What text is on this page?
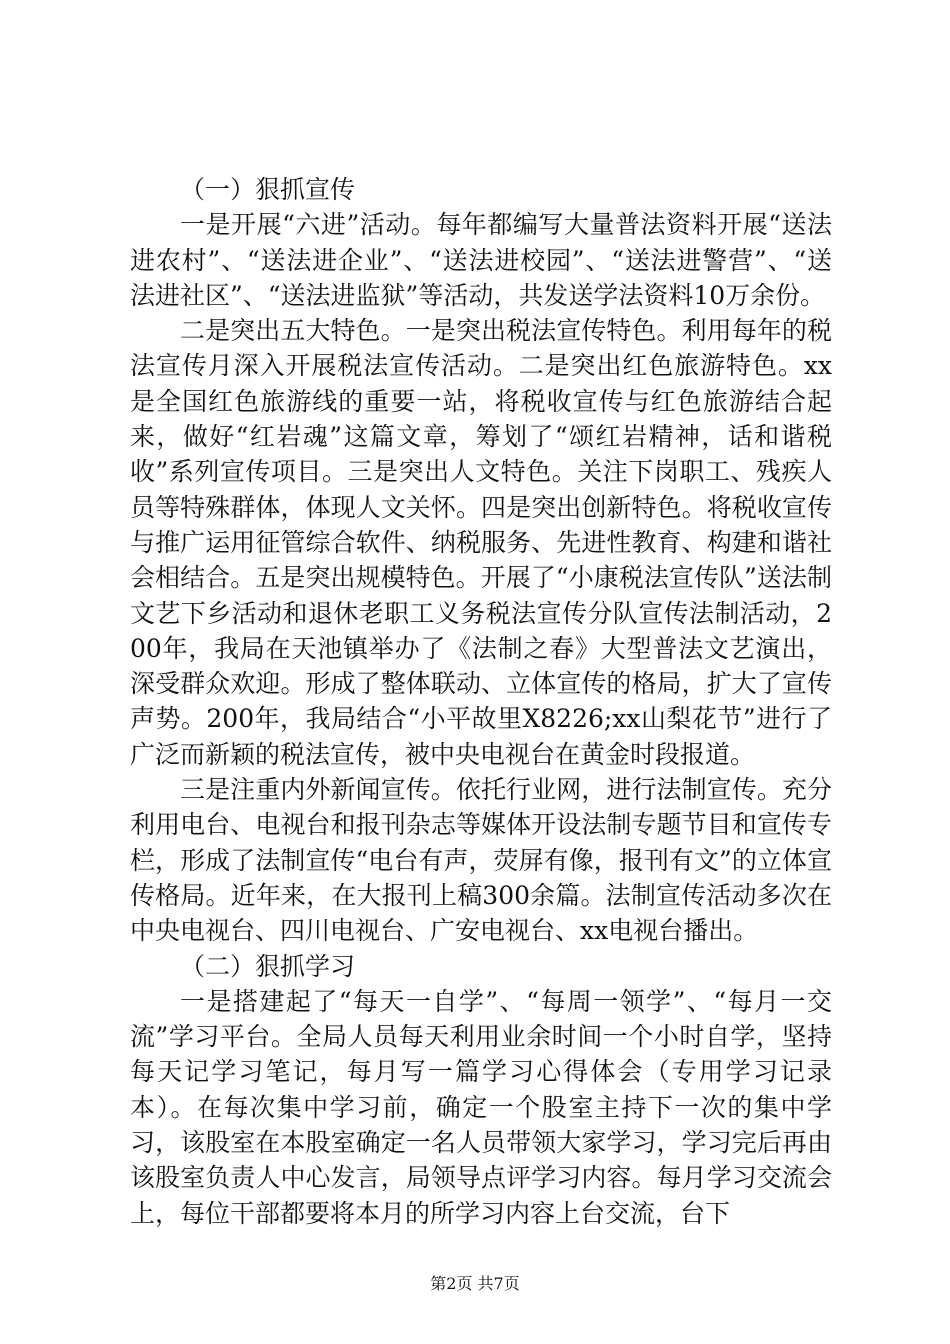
（一）狠抓宣传

一是开展“六进”活动。每年都编写大量普法资料开展“送法进农村”、“送法进企业”、“送法进校园”、“送法进警营”、“送法进社区”、“送法进监狱”等活动，共发送学法资料10万余份。

二是突出五大特色。一是突出税法宣传特色。利用每年的税法宣传月深入开展税法宣传活动。二是突出红色旅游特色。xx是全国红色旅游线的重要一站，将税收宣传与红色旅游结合起来，做好“红岩魂”这篇文章，筹划了“颂红岩精神，话和谐税收”系列宣传项目。三是突出人文特色。关注下岗职工、残疾人员等特殊群体，体现人文关怀。四是突出创新特色。将税收宣传与推广运用征管综合软件、纳税服务、先进性教育、构建和谐社会相结合。五是突出规模特色。开展了“小康税法宣传队”送法制文艺下乡活动和退休老职工义务税法宣传分队宣传法制活动，200年，我局在天池镇举办了《法制之春》大型普法文艺演出，深受群众欢迎。形成了整体联动、立体宣传的格局，扩大了宣传声势。200年，我局结合“小平故里X8226;xx山梨花节”进行了广泛而新颖的税法宣传，被中央电视台在黄金时段报道。

三是注重内外新闻宣传。依托行业网，进行法制宣传。充分利用电台、电视台和报刊杂志等媒体开设法制专题节目和宣传专栏，形成了法制宣传“电台有声，荧屏有像，报刊有文”的立体宣传格局。近年来，在大报刊上稿300余篇。法制宣传活动多次在中央电视台、四川电视台、广安电视台、xx电视台播出。

（二）狠抓学习

一是搭建起了“每天一自学”、“每周一领学”、“每月一交流”学习平台。全局人员每天利用业余时间一个小时自学，坚持每天记学习笔记，每月写一篇学习心得体会（专用学习记录本）。在每次集中学习前，确定一个股室主持下一次的集中学习，该股室在本股室确定一名人员带领大家学习，学习完后再由该股室负责人中心发言，局领导点评学习内容。每月学习交流会上，每位干部都要将本月的所学习内容上台交流，台下

第2页 共7页
